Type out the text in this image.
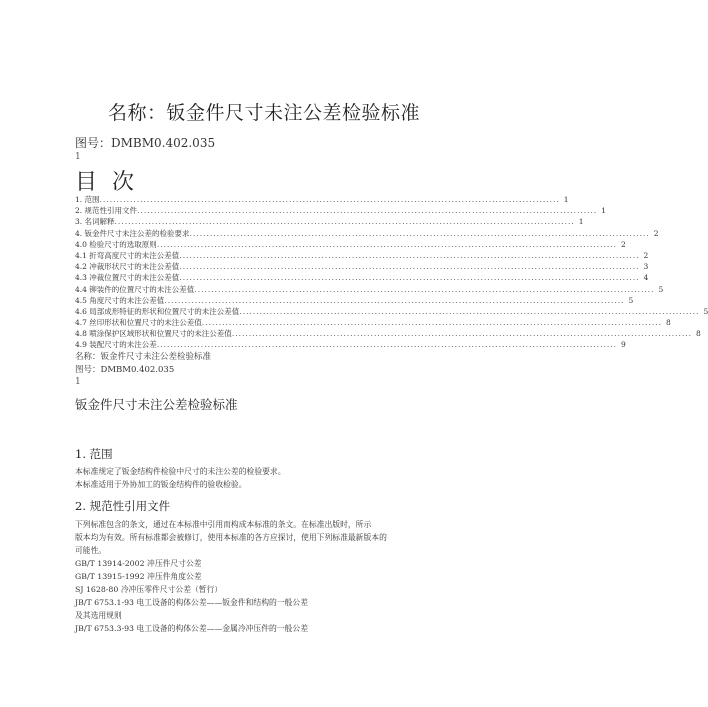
名称：钣金件尺寸未注公差检验标准
图号：DMBM0.402.035
1
目 次
1. 范围 ........................................................................................................................................ 1
2. 规范性引用文件 ........................................................................................................................................ 1
3. 名词解释 ........................................................................................................................................ 1
4. 钣金件尺寸未注公差的检验要求 ........................................................................................................................................ 2
4.0 检验尺寸的选取原则 ........................................................................................................................................ 2
4.1 折弯高度尺寸的未注公差值 ........................................................................................................................................ 2
4.2 冲裁形状尺寸的未注公差值 ........................................................................................................................................ 3
4.3 冲裁位置尺寸的未注公差值 ........................................................................................................................................ 4
4.4 铆装件的位置尺寸的未注公差值 ........................................................................................................................................ 5
4.5 角度尺寸的未注公差值 ........................................................................................................................................ 5
4.6 局部成形特征的形状和位置尺寸的未注公差值 ........................................................................................................................................ 5
4.7 丝印形状和位置尺寸的未注公差值 ........................................................................................................................................ 8
4.8 喷涂保护区域形状和位置尺寸的未注公差值 ........................................................................................................................................ 8
4.9 装配尺寸的未注公差 ........................................................................................................................................ 9
名称：钣金件尺寸未注公差检验标准
图号：DMBM0.402.035
1
钣金件尺寸未注公差检验标准
1. 范围
本标准规定了钣金结构件检验中尺寸的未注公差的检验要求。
本标准适用于外协加工的钣金结构件的验收检验。
2. 规范性引用文件
下列标准包含的条文，通过在本标准中引用而构成本标准的条文。在标准出版时，所示
版本均为有效。所有标准都会被修订，使用本标准的各方应探讨，使用下列标准最新版本的
可能性。
GB/T 13914-2002 冲压件尺寸公差
GB/T 13915-1992 冲压件角度公差
SJ 1628-80 冷冲压零件尺寸公差（暂行）
JB/T 6753.1-93 电工设备的构体公差——钣金件和结构的一般公差
及其选用规则
JB/T 6753.3-93 电工设备的构体公差——金属冷冲压件的一般公差
